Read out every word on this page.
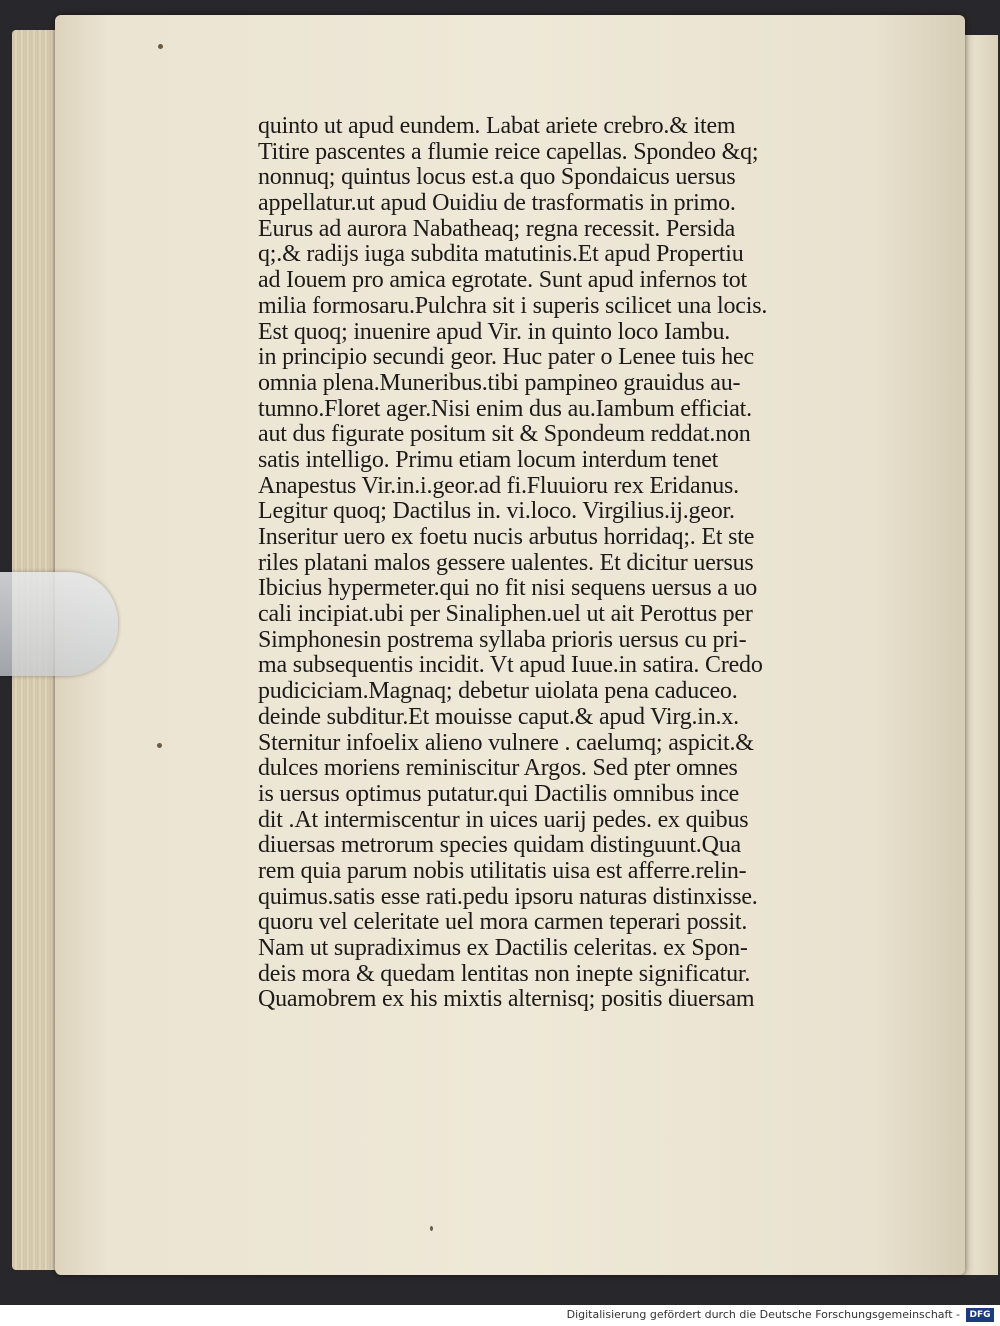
quinto ut apud eundem. Labat ariete crebro.& item
Titire pascentes a flumie reice capellas. Spondeo &q;
nonnuq; quintus locus est.a quo Spondaicus uersus
appellatur.ut apud Ouidiu de trasformatis in primo.
Eurus ad aurora Nabatheaq; regna recessit. Persida
q;.& radijs iuga subdita matutinis.Et apud Propertiu
ad Iouem pro amica egrotate. Sunt apud infernos tot
milia formosaru.Pulchra sit i superis scilicet una locis.
Est quoq; inuenire apud Vir. in quinto loco Iambu.
in principio secundi geor. Huc pater o Lenee tuis hec
omnia plena.Muneribus.tibi pampineo grauidus au-
tumno.Floret ager.Nisi enim dus au.Iambum efficiat.
aut dus figurate positum sit & Spondeum reddat.non
satis intelligo. Primu etiam locum interdum tenet
Anapestus Vir.in.i.geor.ad fi.Fluuioru rex Eridanus.
Legitur quoq; Dactilus in. vi.loco. Virgilius.ij.geor.
Inseritur uero ex foetu nucis arbutus horridaq;. Et ste
riles platani malos gessere ualentes. Et dicitur uersus
Ibicius hypermeter.qui no fit nisi sequens uersus a uo
cali incipiat.ubi per Sinaliphen.uel ut ait Perottus per
Simphonesin postrema syllaba prioris uersus cu pri-
ma subsequentis incidit. Vt apud Iuue.in satira. Credo
pudiciciam.Magnaq; debetur uiolata pena caduceo.
deinde subditur.Et mouisse caput.& apud Virg.in.x.
Sternitur infoelix alieno vulnere . caelumq; aspicit.&
dulces moriens reminiscitur Argos. Sed pter omnes
is uersus optimus putatur.qui Dactilis omnibus ince
dit .At intermiscentur in uices uarij pedes. ex quibus
diuersas metrorum species quidam distinguunt.Qua
rem quia parum nobis utilitatis uisa est afferre.relin-
quimus.satis esse rati.pedu ipsoru naturas distinxisse.
quoru vel celeritate uel mora carmen teperari possit.
Nam ut supradiximus ex Dactilis celeritas. ex Spon-
deis mora & quedam lentitas non inepte significatur.
Quamobrem ex his mixtis alternisq; positis diuersam
Digitalisierung gefördert durch die Deutsche Forschungsgemeinschaft -	DFG
